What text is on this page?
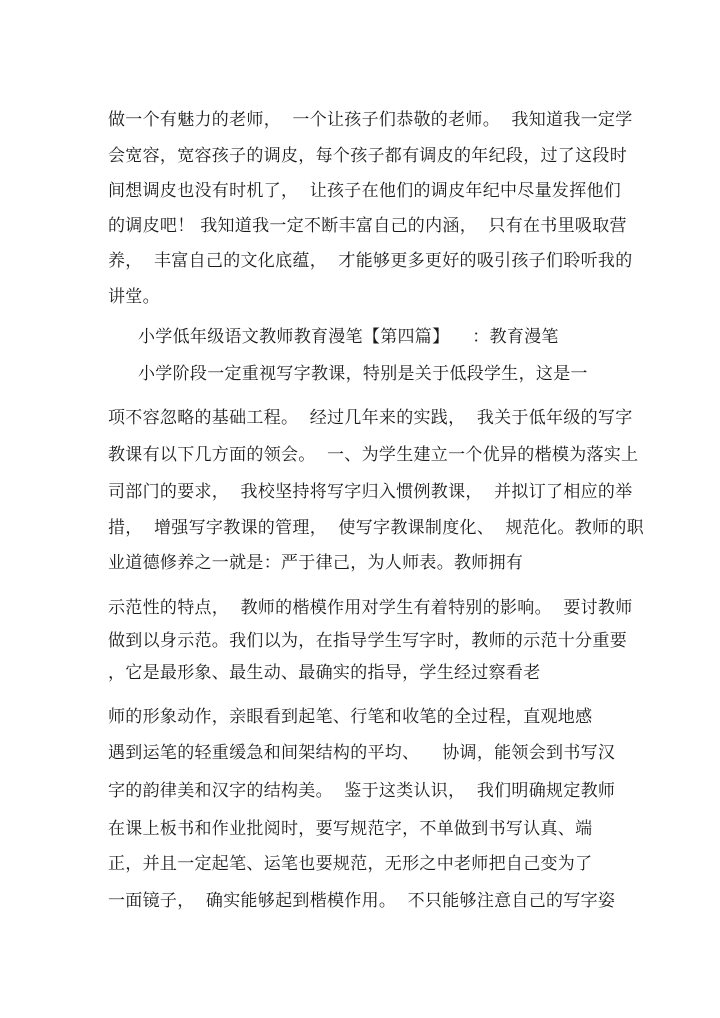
做一个有魅力的老师，  一个让孩子们恭敬的老师。  我知道我一定学
会宽容，宽容孩子的调皮，每个孩子都有调皮的年纪段，过了这段时
间想调皮也没有时机了，  让孩子在他们的调皮年纪中尽量发挥他们
的调皮吧！ 我知道我一定不断丰富自己的内涵，  只有在书里吸取营
养，  丰富自己的文化底蕴，  才能够更多更好的吸引孩子们聆听我的
讲堂。
小学低年级语文教师教育漫笔【第四篇】    ：教育漫笔
小学阶段一定重视写字教课，特别是关于低段学生，这是一
项不容忽略的基础工程。  经过几年来的实践，  我关于低年级的写字
教课有以下几方面的领会。  一、为学生建立一个优异的楷模为落实上
司部门的要求，  我校坚持将写字归入惯例教课，  并拟订了相应的举
措，  增强写字教课的管理，  使写字教课制度化、  规范化。教师的职
业道德修养之一就是：严于律己，为人师表。教师拥有
示范性的特点，  教师的楷模作用对学生有着特别的影响。  要讨教师
做到以身示范。我们以为，在指导学生写字时，教师的示范十分重要
，它是最形象、最生动、最确实的指导，学生经过察看老
师的形象动作，亲眼看到起笔、行笔和收笔的全过程，直观地感
遇到运笔的轻重缓急和间架结构的平均、    协调，能领会到书写汉
字的韵律美和汉字的结构美。  鉴于这类认识，  我们明确规定教师
在课上板书和作业批阅时，要写规范字，不单做到书写认真、端
正，并且一定起笔、运笔也要规范，无形之中老师把自己变为了
一面镜子，  确实能够起到楷模作用。  不只能够注意自己的写字姿
